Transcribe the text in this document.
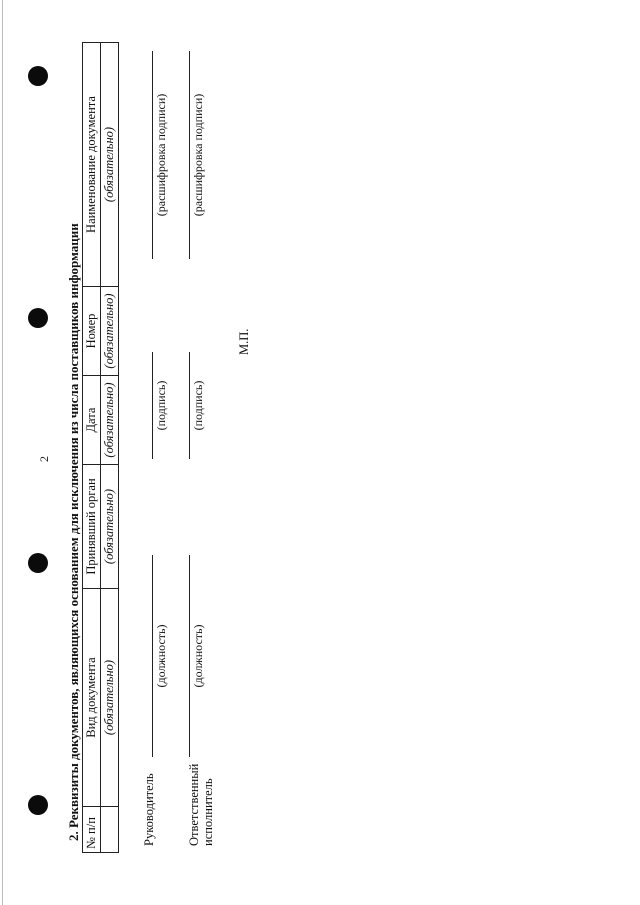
2 2. Реквизиты документов, являющихся основанием для исключения из числа поставщиков информации № п/п	Вид документа	Принявший орган	Дата	Номер	Наименование документа
	(обязательно)	(обязательно)	(обязательно)	(обязательно)	(обязательно)
Руководитель
(должность)
(подпись)
(расшифровка подписи)
Ответственный исполнитель
(должность)
(подпись)
(расшифровка подписи)
М.П.
